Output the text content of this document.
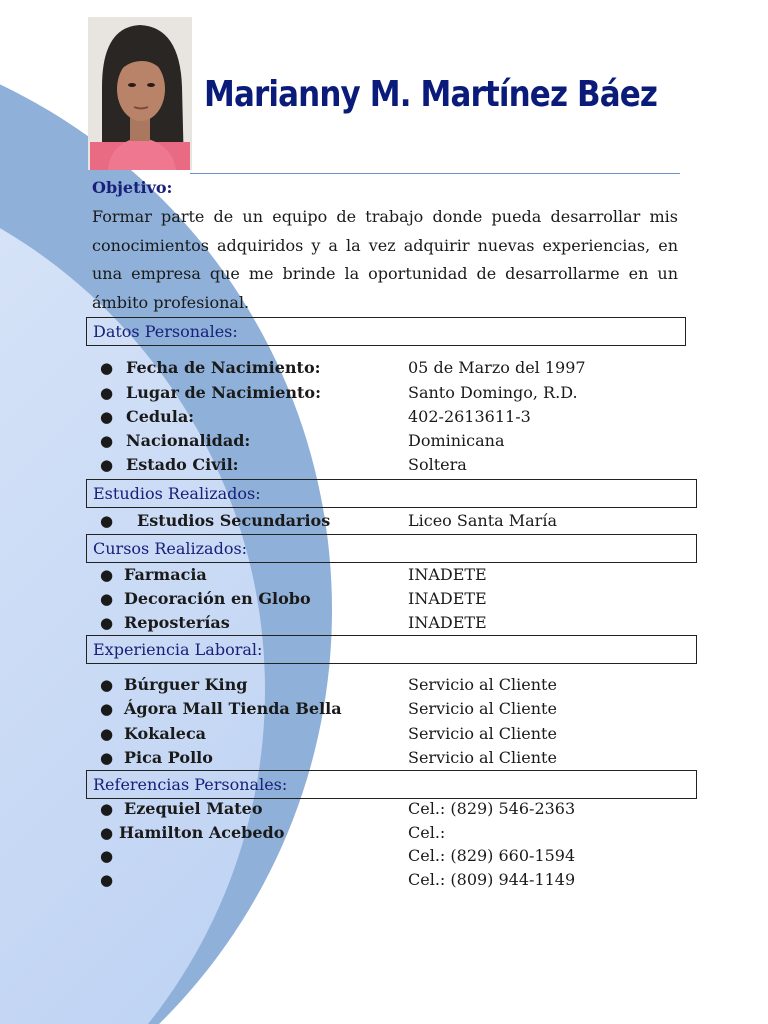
Marianny M. Martínez Báez
Objetivo:
Formar parte de un equipo de trabajo donde pueda desarrollar mis conocimientos adquiridos y a la vez adquirir nuevas experiencias, en una empresa que me brinde la oportunidad de desarrollarme en un ámbito profesional.
Datos Personales:
● Fecha de Nacimiento:	05 de Marzo del 1997
● Lugar de Nacimiento:	Santo Domingo, R.D.
● Cedula:	402-2613611-3
● Nacionalidad:	Dominicana
● Estado Civil:	Soltera
Estudios Realizados:
● Estudios Secundarios	Liceo Santa María
Cursos Realizados:
● Farmacia	INADETE
● Decoración en Globo	INADETE
● Reposterías	INADETE
Experiencia Laboral:
● Búrguer King	Servicio al Cliente
● Ágora Mall Tienda Bella	Servicio al Cliente
● Kokaleca	Servicio al Cliente
● Pica Pollo	Servicio al Cliente
Referencias Personales:
● Ezequiel Mateo	Cel.: (829) 546-2363
● Hamilton Acebedo	Cel.:
●	Cel.: (829) 660-1594
●	Cel.: (809) 944-1149
